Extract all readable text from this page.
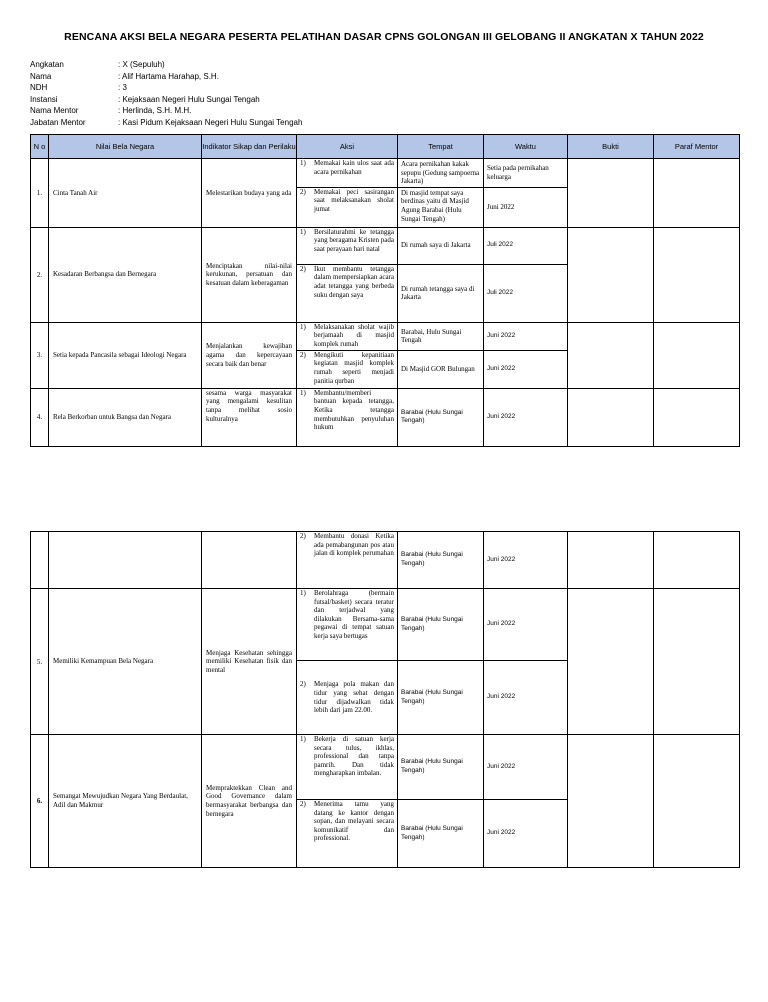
RENCANA AKSI BELA NEGARA PESERTA PELATIHAN DASAR CPNS GOLONGAN III GELOBANG II ANGKATAN X TAHUN 2022
Angkatan	: X (Sepuluh)
Nama	: Alif Hartama Harahap, S.H.
NDH	: 3
Instansi	: Kejaksaan Negeri Hulu Sungai Tengah
Nama Mentor	: Herlinda, S.H. M.H.
Jabatan Mentor	: Kasi Pidum Kejaksaan Negeri Hulu Sungai Tengah
N o	Nilai Bela Negara	Indikator Sikap dan Perilaku	Aksi	Tempat	Waktu	Bukti	Paraf Mentor
1.	Cinta Tanah Air	Melestarikan budaya yang ada	1) Memakai kain ulos saat ada acara pernikahan	Acara pernikahan kakak sepupu (Gedung sampoerna Jakarta)	Setia pada pernikahan keluarga		

			2) Memakai peci sasirangan saat melaksanakan sholat jumat	Di masjid tempat saya berdinas yaitu di Masjid Agung Barabai (Hulu Sungai Tengah)	Juni 2022		
2.	Kesadaran Berbangsa dan Bernegara	Menciptakan nilai-nilai kerukunan, persatuan dan kesatuan dalam keberagaman	1) Bersilaturahmi ke tetangga yang beragama Kristen pada saat perayaan hari natal	Di rumah saya di Jakarta	Juli 2022		

			2) Ikut membantu tetangga dalam mempersiapkan acara adat tetangga yang berbeda suku dengan saya	Di rumah tetangga saya di Jakarta	Juli 2022		
3.	Setia kepada Pancasila sebagai Ideologi Negara	Menjalankan kewajiban agama dan kepercayaan secara baik dan benar	1) Melaksanakan sholat wajib berjamaah di masjid komplek rumah	Barabai, Hulu Sungai Tengah	Juni 2022		

			2) Mengikuti kepanitiaan kegiatan masjid komplek rumah seperti menjadi panitia qurban	Di Masjid GOR Bulungan	Juni 2022		
4.	Rela Berkorban untuk Bangsa dan Negara	sesama warga masyarakat yang mengalami kesulitan tanpa melihat sosio kulturalnya	1) Membantu/memberi bantuan kepada tetangga, Ketika tetangga membutuhkan penyuluhan hukum	Barabai (Hulu Sungai Tengah)	Juni 2022		

			2) Membantu donasi Ketika ada pemabangunan pos atau jalan di komplek perumahan	Barabai (Hulu Sungai Tengah)	Juni 2022		
5.	Memiliki Kemampuan Bela Negara	Menjaga Kesehatan sehingga memiliki Kesehatan fisik dan mental	1) Berolahraga (bermain futsal/basket) secara teratur dan terjadwal yang dilakukan Bersama-sama pegawai di tempat satuan kerja saya bertugas	Barabai (Hulu Sungai Tengah)	Juni 2022		

			2) Menjaga pola makan dan tidur yang sehat dengan tidur dijadwalkan tidak lebih dari jam 22.00.	Barabai (Hulu Sungai Tengah)	Juni 2022		
6.	Semangat Mewujudkan Negara Yang Berdaulat, Adil dan Makmur	Mempraktekkan Clean and Good Governance dalam bermasyarakat berbangsa dan bernegara	1) Bekerja di satuan kerja secara tulus, ikhlas, professional dan tanpa pamrih. Dan tidak mengharapkan imbalan.	Barabai (Hulu Sungai Tengah)	Juni 2022		

			2) Menerima tamu yang datang ke kantor dengan sopan, dan melayani secara komunikatif dan professional.	Barabai (Hulu Sungai Tengah)	Juni 2022		
